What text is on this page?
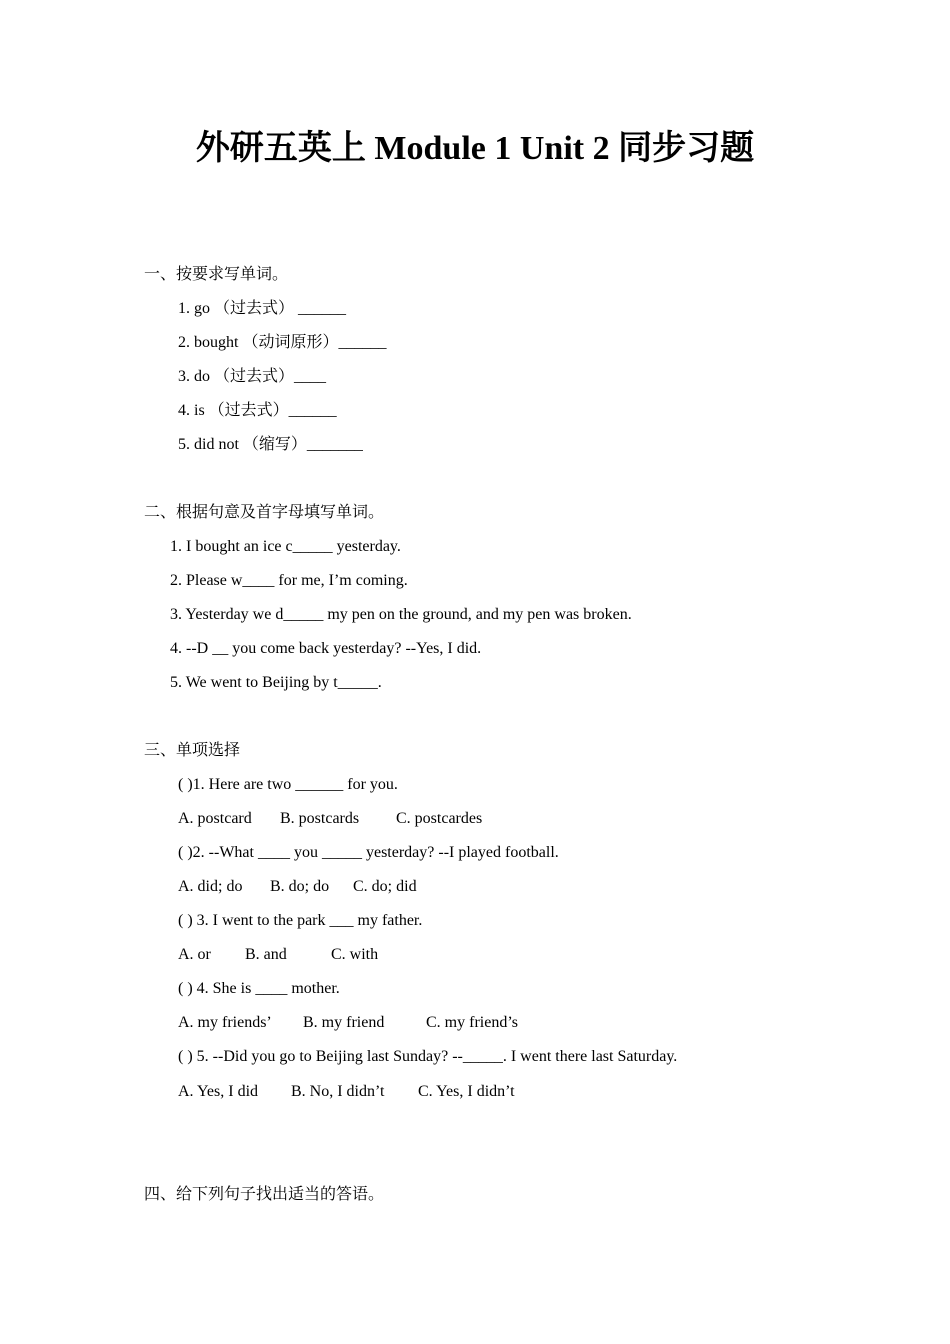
外研五英上 Module 1 Unit 2 同步习题
一、按要求写单词。
1. go （过去式） ______
2. bought （动词原形）______
3. do （过去式）____
4. is （过去式）______
5. did not （缩写）_______
二、根据句意及首字母填写单词。
1. I bought an ice c_____ yesterday.
2. Please w____ for me, I’m coming.
3. Yesterday we d_____ my pen on the ground, and my pen was broken.
4. --D __ you come back yesterday? --Yes, I did.
5. We went to Beijing by t_____.
三、单项选择
( )1. Here are two ______ for you.
A. postcard B. postcards C. postcardes
( )2. --What ____ you _____ yesterday? --I played football.
A. did; do B. do; do C. do; did
( ) 3. I went to the park ___ my father.
A. or B. and	C. with
( ) 4. She is ____ mother.
A. my friends’ B. my friend	C. my friend’s
( ) 5. --Did you go to Beijing last Sunday? --_____. I went there last Saturday.
A. Yes, I did B. No, I didn’t C. Yes, I didn’t
四、给下列句子找出适当的答语。
